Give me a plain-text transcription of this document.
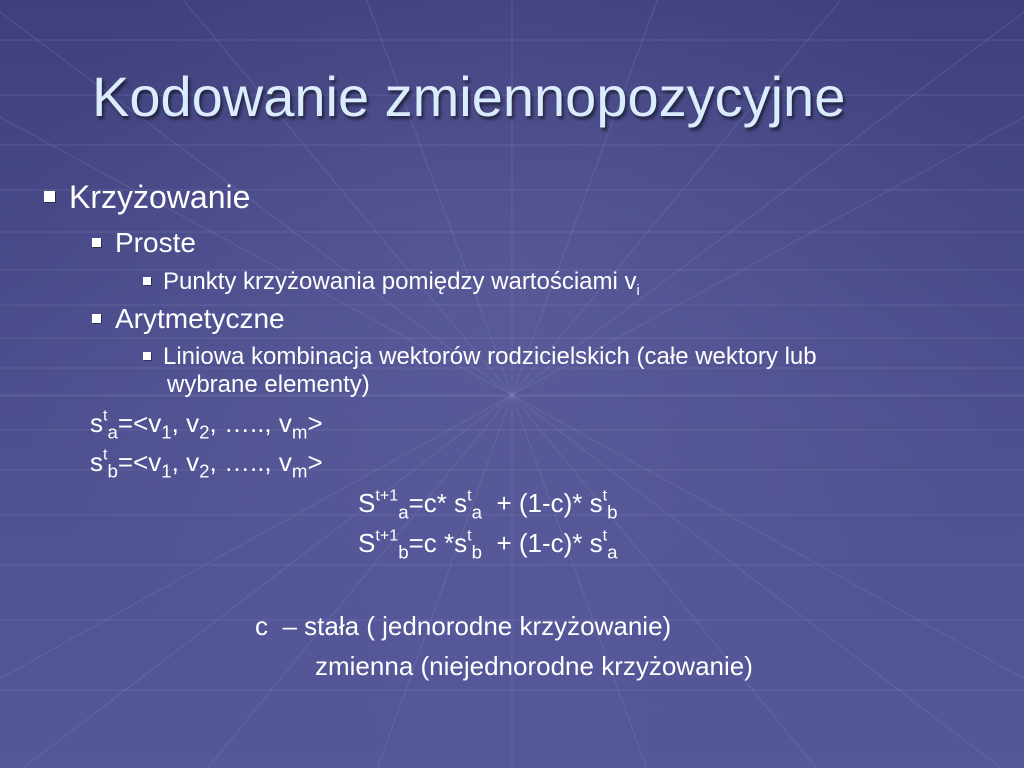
Kodowanie zmiennopozycyjne
Krzyżowanie
Proste
Punkty krzyżowania pomiędzy wartościami $v_i$
Arytmetyczne
Liniowa kombinacja wektorów rodzicielskich (całe wektory lub
wybrane elementy)
$s^t_a=<v_1$, $v_2$, ….., $v_m>$
$s^t_b=<v_1$, $v_2$, ….., $v_m>$
$S^{t+1}_a=c*$ $s^t_a + (1-c)*$ $s^t_b$
$S^{t+1}_b=c$ $*s^t_b + (1-c)*$ $s^t_a$
c  – stała ( jednorodne krzyżowanie)
zmienna (niejednorodne krzyżowanie)
